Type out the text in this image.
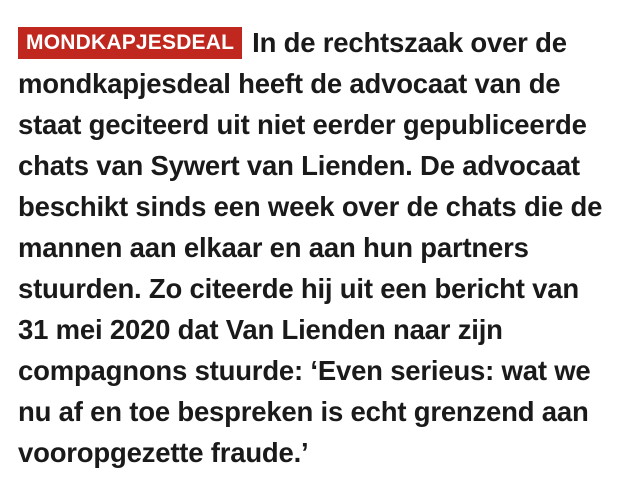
MONDKAPJESDEAL In de rechtszaak over de mondkapjesdeal heeft de advocaat van de staat geciteerd uit niet eerder gepubliceerde chats van Sywert van Lienden. De advocaat beschikt sinds een week over de chats die de mannen aan elkaar en aan hun partners stuurden. Zo citeerde hij uit een bericht van 31 mei 2020 dat Van Lienden naar zijn compagnons stuurde: ‘Even serieus: wat we nu af en toe bespreken is echt grenzend aan vooropgezette fraude.’
